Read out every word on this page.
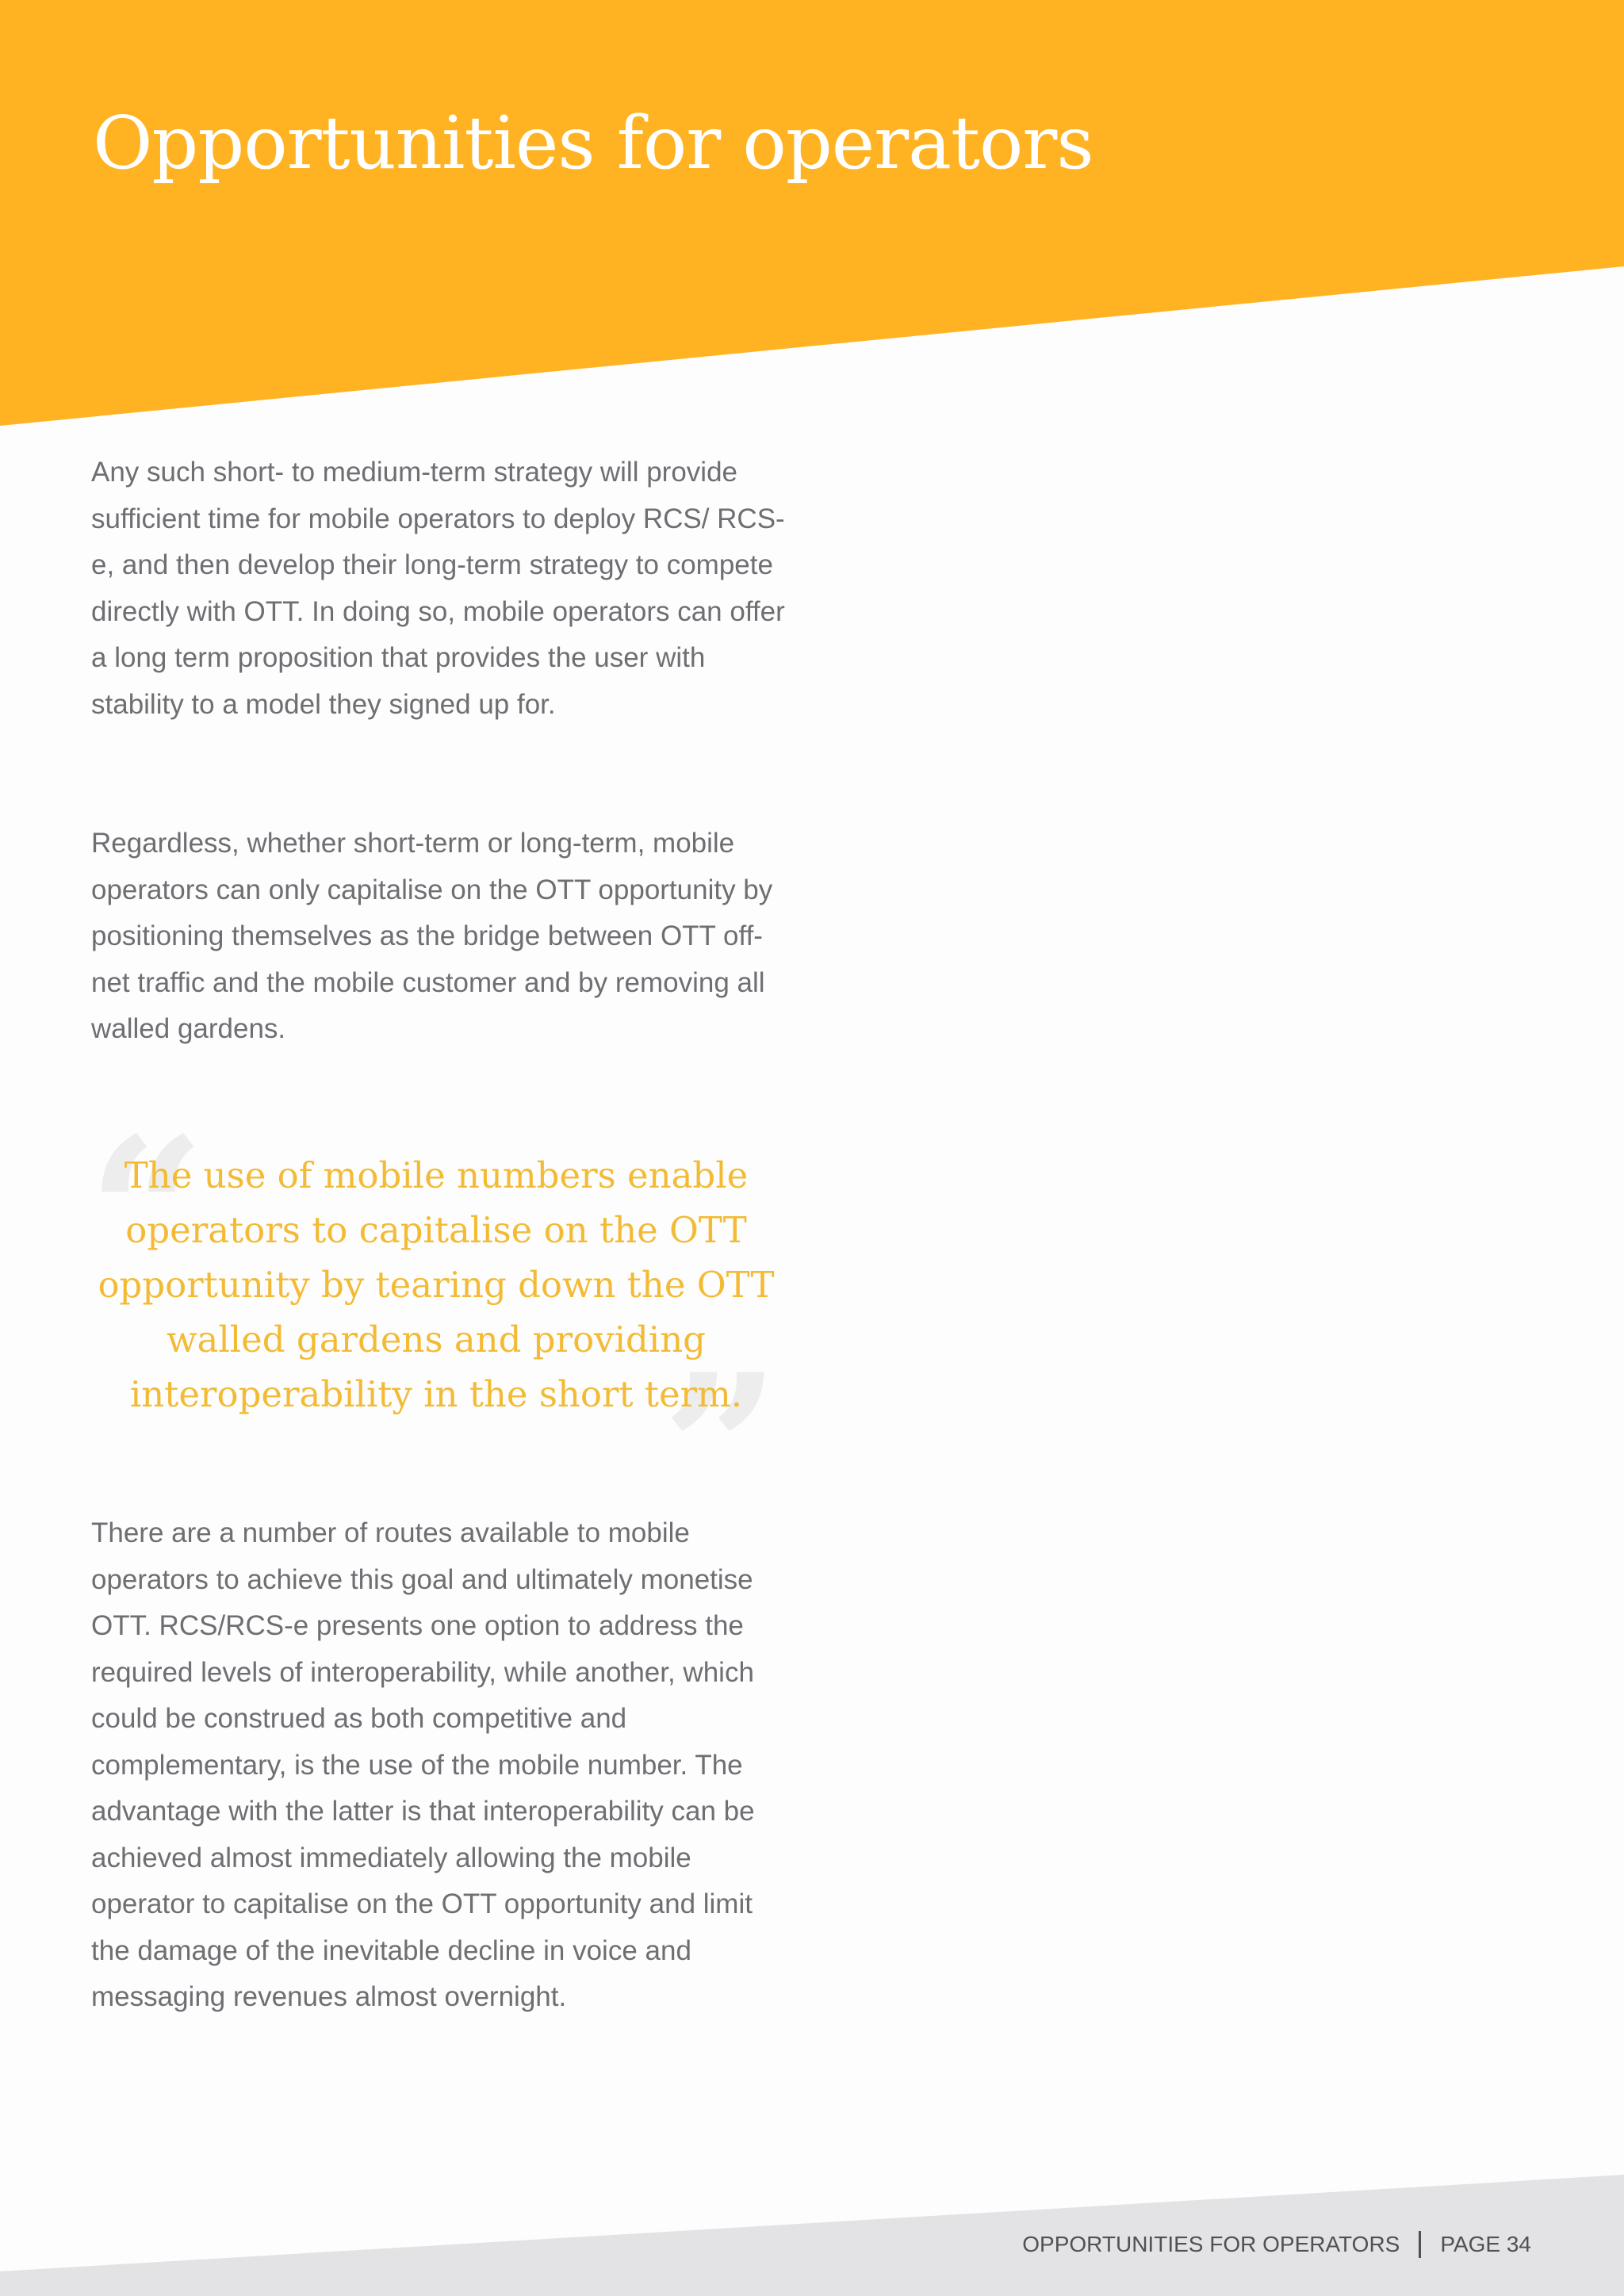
Opportunities for operators

Any such short- to medium-term strategy will provide sufficient time for mobile operators to deploy RCS/ RCS-e, and then develop their long-term strategy to compete directly with OTT. In doing so, mobile operators can offer a long term proposition that provides the user with stability to a model they signed up for.

Regardless, whether short-term or long-term, mobile operators can only capitalise on the OTT opportunity by positioning themselves as the bridge between OTT off-net traffic and the mobile customer and by removing all walled gardens.

“
”

The use of mobile numbers enable operators to capitalise on the OTT opportunity by tearing down the OTT walled gardens and providing interoperability in the short term.

There are a number of routes available to mobile operators to achieve this goal and ultimately monetise OTT. RCS/RCS-e presents one option to address the required levels of interoperability, while another, which could be construed as both competitive and complementary, is the use of the mobile number. The advantage with the latter is that interoperability can be achieved almost immediately allowing the mobile operator to capitalise on the OTT opportunity and limit the damage of the inevitable decline in voice and messaging revenues almost overnight.

OPPORTUNITIES FOR OPERATORS PAGE 34
